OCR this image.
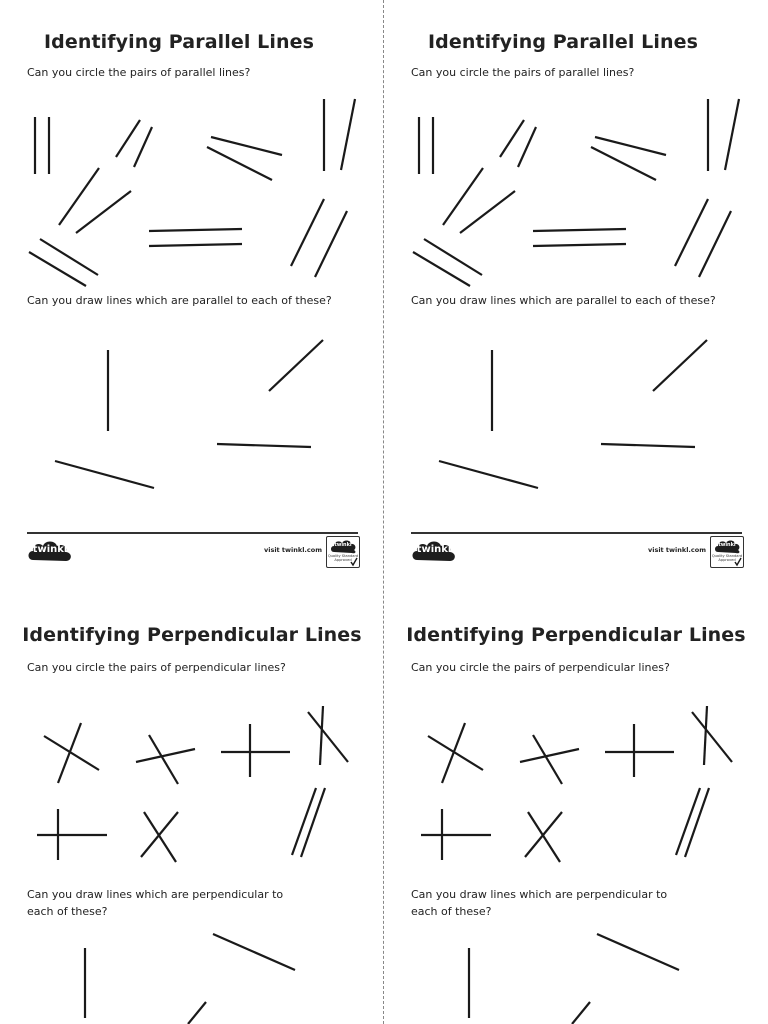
Identifying Parallel Lines
Can you circle the pairs of parallel lines?
Can you draw lines which are parallel to each of these?
twinkl	visit twinkl.com
twinkl
Quality Standard
Approved
Identifying Parallel Lines
Can you circle the pairs of parallel lines?
Can you draw lines which are parallel to each of these?
twinkl	visit twinkl.com
twinkl
Quality Standard
Approved
Identifying Perpendicular Lines
Can you circle the pairs of perpendicular lines?
Can you draw lines which are perpendicular to each of these?
Identifying Perpendicular Lines
Can you circle the pairs of perpendicular lines?
Can you draw lines which are perpendicular to each of these?
